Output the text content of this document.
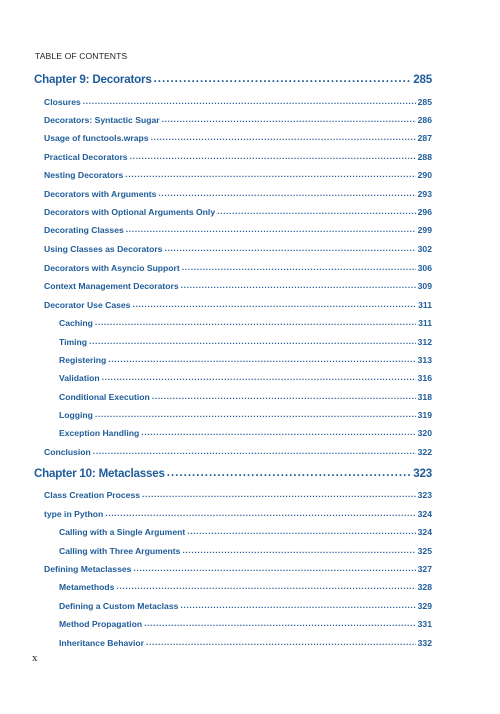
TABLE OF CONTENTS
Chapter 9: Decorators .....	285
Closures .....	285
Decorators: Syntactic Sugar .....	286
Usage of functools.wraps .....	287
Practical Decorators .....	288
Nesting Decorators .....	290
Decorators with Arguments .....	293
Decorators with Optional Arguments Only .....	296
Decorating Classes .....	299
Using Classes as Decorators .....	302
Decorators with Asyncio Support .....	306
Context Management Decorators .....	309
Decorator Use Cases .....	311
Caching .....	311
Timing .....	312
Registering .....	313
Validation .....	316
Conditional Execution .....	318
Logging .....	319
Exception Handling .....	320
Conclusion .....	322
Chapter 10: Metaclasses .....	323
Class Creation Process .....	323
type in Python .....	324
Calling with a Single Argument .....	324
Calling with Three Arguments .....	325
Defining Metaclasses .....	327
Metamethods .....	328
Defining a Custom Metaclass .....	329
Method Propagation .....	331
Inheritance Behavior .....	332
x
